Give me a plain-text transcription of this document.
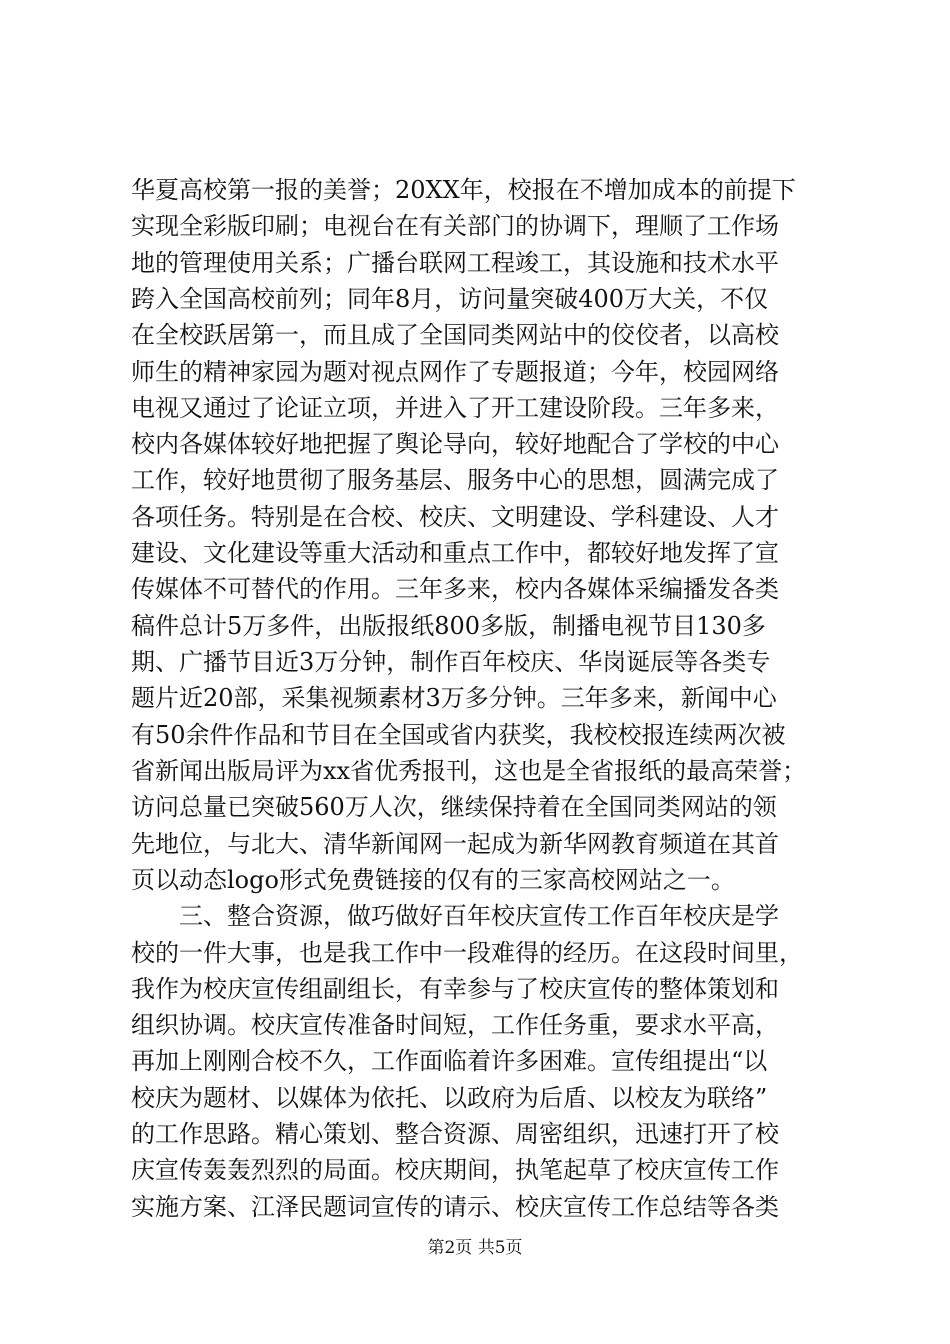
华夏高校第一报的美誉；20XX年，校报在不增加成本的前提下
实现全彩版印刷；电视台在有关部门的协调下，理顺了工作场
地的管理使用关系；广播台联网工程竣工，其设施和技术水平
跨入全国高校前列；同年8月，访问量突破400万大关，不仅
在全校跃居第一，而且成了全国同类网站中的佼佼者，以高校
师生的精神家园为题对视点网作了专题报道；今年，校园网络
电视又通过了论证立项，并进入了开工建设阶段。三年多来，
校内各媒体较好地把握了舆论导向，较好地配合了学校的中心
工作，较好地贯彻了服务基层、服务中心的思想，圆满完成了
各项任务。特别是在合校、校庆、文明建设、学科建设、人才
建设、文化建设等重大活动和重点工作中，都较好地发挥了宣
传媒体不可替代的作用。三年多来，校内各媒体采编播发各类
稿件总计5万多件，出版报纸800多版，制播电视节目130多
期、广播节目近3万分钟，制作百年校庆、华岗诞辰等各类专
题片近20部，采集视频素材3万多分钟。三年多来，新闻中心
有50余件作品和节目在全国或省内获奖，我校校报连续两次被
省新闻出版局评为xx省优秀报刊，这也是全省报纸的最高荣誉；
访问总量已突破560万人次，继续保持着在全国同类网站的领
先地位，与北大、清华新闻网一起成为新华网教育频道在其首
页以动态logo形式免费链接的仅有的三家高校网站之一。
　　三、整合资源，做巧做好百年校庆宣传工作百年校庆是学
校的一件大事，也是我工作中一段难得的经历。在这段时间里，
我作为校庆宣传组副组长，有幸参与了校庆宣传的整体策划和
组织协调。校庆宣传准备时间短，工作任务重，要求水平高，
再加上刚刚合校不久，工作面临着许多困难。宣传组提出“以
校庆为题材、以媒体为依托、以政府为后盾、以校友为联络”
的工作思路。精心策划、整合资源、周密组织，迅速打开了校
庆宣传轰轰烈烈的局面。校庆期间，执笔起草了校庆宣传工作
实施方案、江泽民题词宣传的请示、校庆宣传工作总结等各类
第2页 共5页
